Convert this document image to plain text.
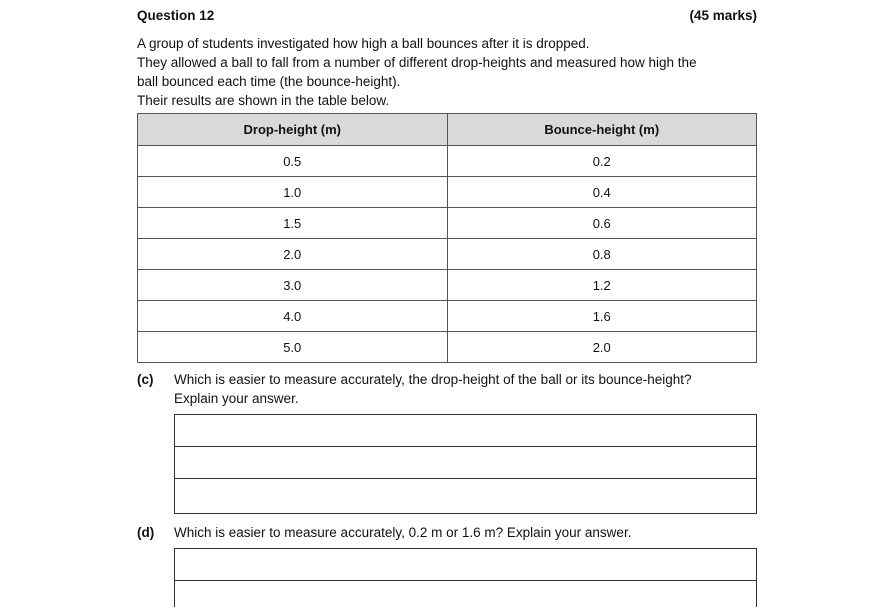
Question 12	(45 marks)

A group of students investigated how high a ball bounces after it is dropped.

They allowed a ball to fall from a number of different drop-heights and measured how high the

ball bounced each time (the bounce-height).

Their results are shown in the table below.

Drop-height (m)	Bounce-height (m)
0.5	0.2
1.0	0.4
1.5	0.6
2.0	0.8
3.0	1.2
4.0	1.6
5.0	2.0
(c) Which is easier to measure accurately, the drop-height of the ball or its bounce-height?

Explain your answer.

(d) Which is easier to measure accurately, 0.2 m or 1.6 m? Explain your answer.
